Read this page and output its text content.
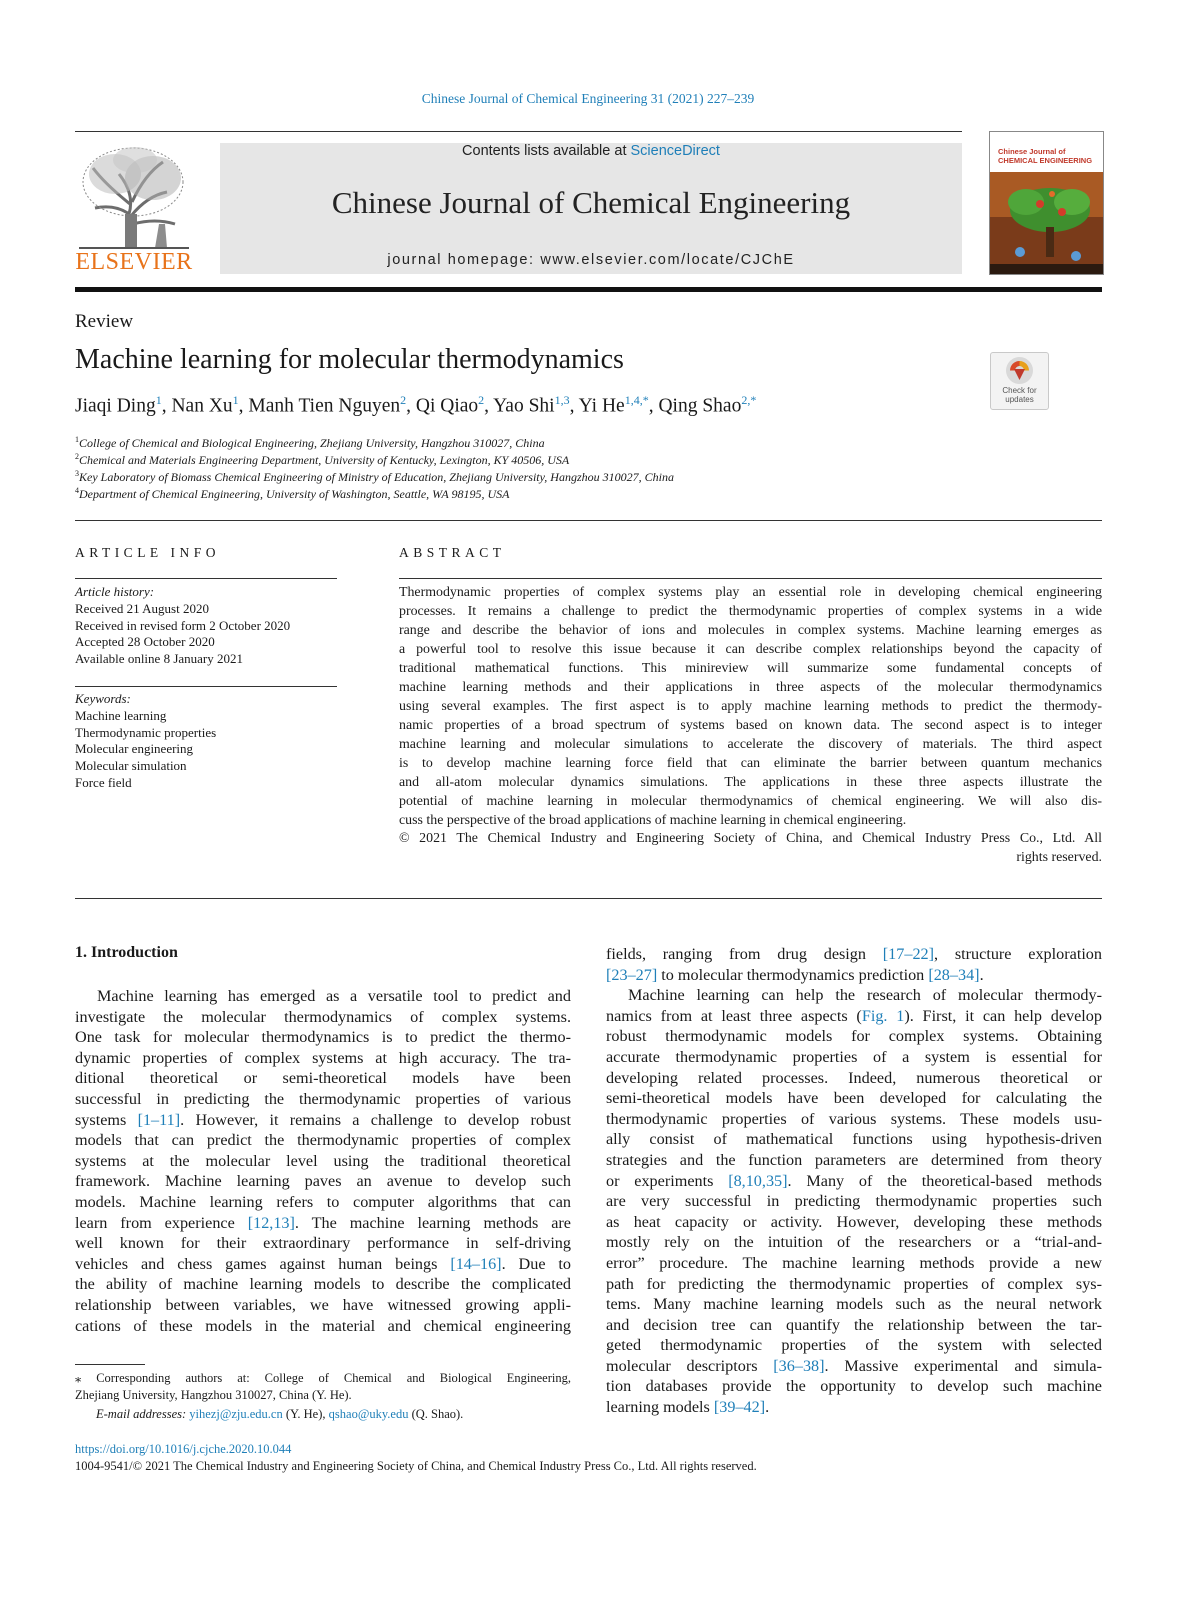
Chinese Journal of Chemical Engineering 31 (2021) 227–239
ELSEVIER
Contents lists available at ScienceDirect
Chinese Journal of Chemical Engineering
journal homepage: www.elsevier.com/locate/CJChE
Chinese Journal of
CHEMICAL ENGINEERING
Review
Machine learning for molecular thermodynamics
Check for
updates
Jiaqi Ding$^1$, Nan Xu$^1$, Manh Tien Nguyen$^2$, Qi Qiao$^2$, Yao Shi$^{1,3}$, Yi $He^{1,4,*}$, Qing Shao$^{2,*}$
$^1$College of Chemical and Biological Engineering, Zhejiang University, Hangzhou 310027, China
$^2$Chemical and Materials Engineering Department, University of Kentucky, Lexington, KY 40506, USA
$^3$Key Laboratory of Biomass Chemical Engineering of Ministry of Education, Zhejiang University, Hangzhou 310027, China
$^4$Department of Chemical Engineering, University of Washington, Seattle, WA 98195, USA
ARTICLE INFO
Article history:
Received 21 August 2020
Received in revised form 2 October 2020
Accepted 28 October 2020
Available online 8 January 2021
Keywords:
Machine learning
Thermodynamic properties
Molecular engineering
Molecular simulation
Force field
ABSTRACT
Thermodynamic properties of complex systems play an essential role in developing chemical engineering
processes. It remains a challenge to predict the thermodynamic properties of complex systems in a wide
range and describe the behavior of ions and molecules in complex systems. Machine learning emerges as
a powerful tool to resolve this issue because it can describe complex relationships beyond the capacity of
traditional mathematical functions. This minireview will summarize some fundamental concepts of
machine learning methods and their applications in three aspects of the molecular thermodynamics
using several examples. The first aspect is to apply machine learning methods to predict the thermody-
namic properties of a broad spectrum of systems based on known data. The second aspect is to integer
machine learning and molecular simulations to accelerate the discovery of materials. The third aspect
is to develop machine learning force field that can eliminate the barrier between quantum mechanics
and all-atom molecular dynamics simulations. The applications in these three aspects illustrate the
potential of machine learning in molecular thermodynamics of chemical engineering. We will also dis-
cuss the perspective of the broad applications of machine learning in chemical engineering.
© 2021 The Chemical Industry and Engineering Society of China, and Chemical Industry Press Co., Ltd. All
rights reserved.
1. Introduction
Machine learning has emerged as a versatile tool to predict and
investigate the molecular thermodynamics of complex systems.
One task for molecular thermodynamics is to predict the thermo-
dynamic properties of complex systems at high accuracy. The tra-
ditional theoretical or semi-theoretical models have been
successful in predicting the thermodynamic properties of various
systems [1–11]. However, it remains a challenge to develop robust
models that can predict the thermodynamic properties of complex
systems at the molecular level using the traditional theoretical
framework. Machine learning paves an avenue to develop such
models. Machine learning refers to computer algorithms that can
learn from experience [12,13]. The machine learning methods are
well known for their extraordinary performance in self-driving
vehicles and chess games against human beings [14–16]. Due to
the ability of machine learning models to describe the complicated
relationship between variables, we have witnessed growing appli-
cations of these models in the material and chemical engineering
fields, ranging from drug design [17–22], structure exploration
[23–27] to molecular thermodynamics prediction [28–34].
Machine learning can help the research of molecular thermody-
namics from at least three aspects (Fig. 1). First, it can help develop
robust thermodynamic models for complex systems. Obtaining
accurate thermodynamic properties of a system is essential for
developing related processes. Indeed, numerous theoretical or
semi-theoretical models have been developed for calculating the
thermodynamic properties of various systems. These models usu-
ally consist of mathematical functions using hypothesis-driven
strategies and the function parameters are determined from theory
or experiments [8,10,35]. Many of the theoretical-based methods
are very successful in predicting thermodynamic properties such
as heat capacity or activity. However, developing these methods
mostly rely on the intuition of the researchers or a “trial-and-
error” procedure. The machine learning methods provide a new
path for predicting the thermodynamic properties of complex sys-
tems. Many machine learning models such as the neural network
and decision tree can quantify the relationship between the tar-
geted thermodynamic properties of the system with selected
molecular descriptors [36–38]. Massive experimental and simula-
tion databases provide the opportunity to develop such machine
learning models [39–42].
⁎ Corresponding authors at: College of Chemical and Biological Engineering,
Zhejiang University, Hangzhou 310027, China (Y. He).
E-mail addresses: yihezj@zju.edu.cn (Y. He), qshao@uky.edu (Q. Shao).
https://doi.org/10.1016/j.cjche.2020.10.044
1004-9541/© 2021 The Chemical Industry and Engineering Society of China, and Chemical Industry Press Co., Ltd. All rights reserved.
